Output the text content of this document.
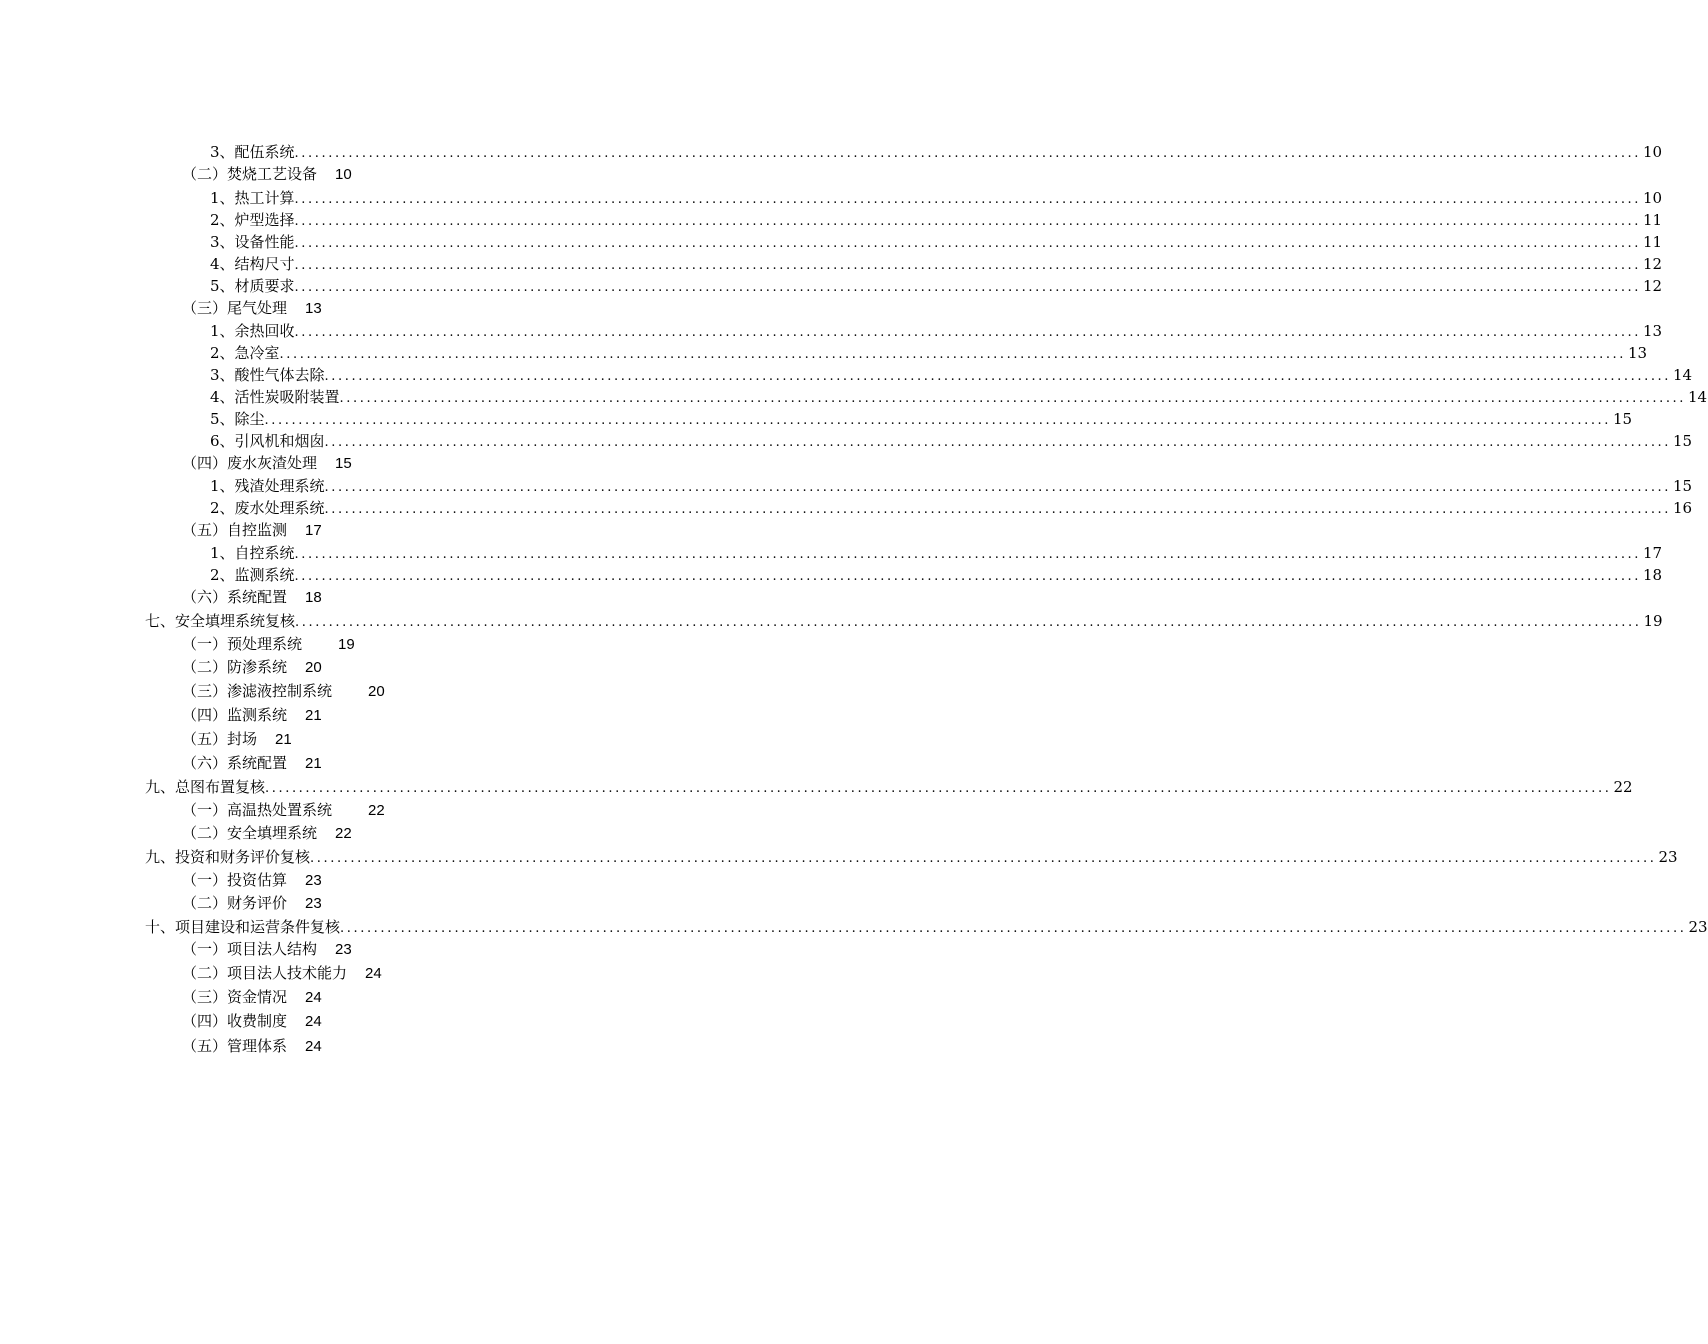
3、配伍系统 ........................................................................................................................................................................................................ 10
（二）焚烧工艺设备 10
1、热工计算 ........................................................................................................................................................................................................ 10
2、炉型选择 ........................................................................................................................................................................................................ 11
3、设备性能 ........................................................................................................................................................................................................ 11
4、结构尺寸 ........................................................................................................................................................................................................ 12
5、材质要求 ........................................................................................................................................................................................................ 12
（三）尾气处理 13
1、余热回收 ........................................................................................................................................................................................................ 13
2、急冷室 ........................................................................................................................................................................................................ 13
3、酸性气体去除 ........................................................................................................................................................................................................ 14
4、活性炭吸附装置 ........................................................................................................................................................................................................ 14
5、除尘 ........................................................................................................................................................................................................ 15
6、引风机和烟囱 ........................................................................................................................................................................................................ 15
（四）废水灰渣处理 15
1、残渣处理系统 ........................................................................................................................................................................................................ 15
2、废水处理系统 ........................................................................................................................................................................................................ 16
（五）自控监测 17
1、自控系统 ........................................................................................................................................................................................................ 17
2、监测系统 ........................................................................................................................................................................................................ 18
（六）系统配置 18
七、安全填埋系统复核 ........................................................................................................................................................................................................ 19
（一）预处理系统 19
（二）防渗系统 20
（三）渗滤液控制系统 20
（四）监测系统 21
（五）封场 21
（六）系统配置 21
九、总图布置复核 ........................................................................................................................................................................................................ 22
（一）高温热处置系统 22
（二）安全填埋系统 22
九、投资和财务评价复核 ........................................................................................................................................................................................................ 23
（一）投资估算 23
（二）财务评价 23
十、项目建设和运营条件复核 ........................................................................................................................................................................................................ 23
（一）项目法人结构 23
（二）项目法人技术能力 24
（三）资金情况 24
（四）收费制度 24
（五）管理体系 24
